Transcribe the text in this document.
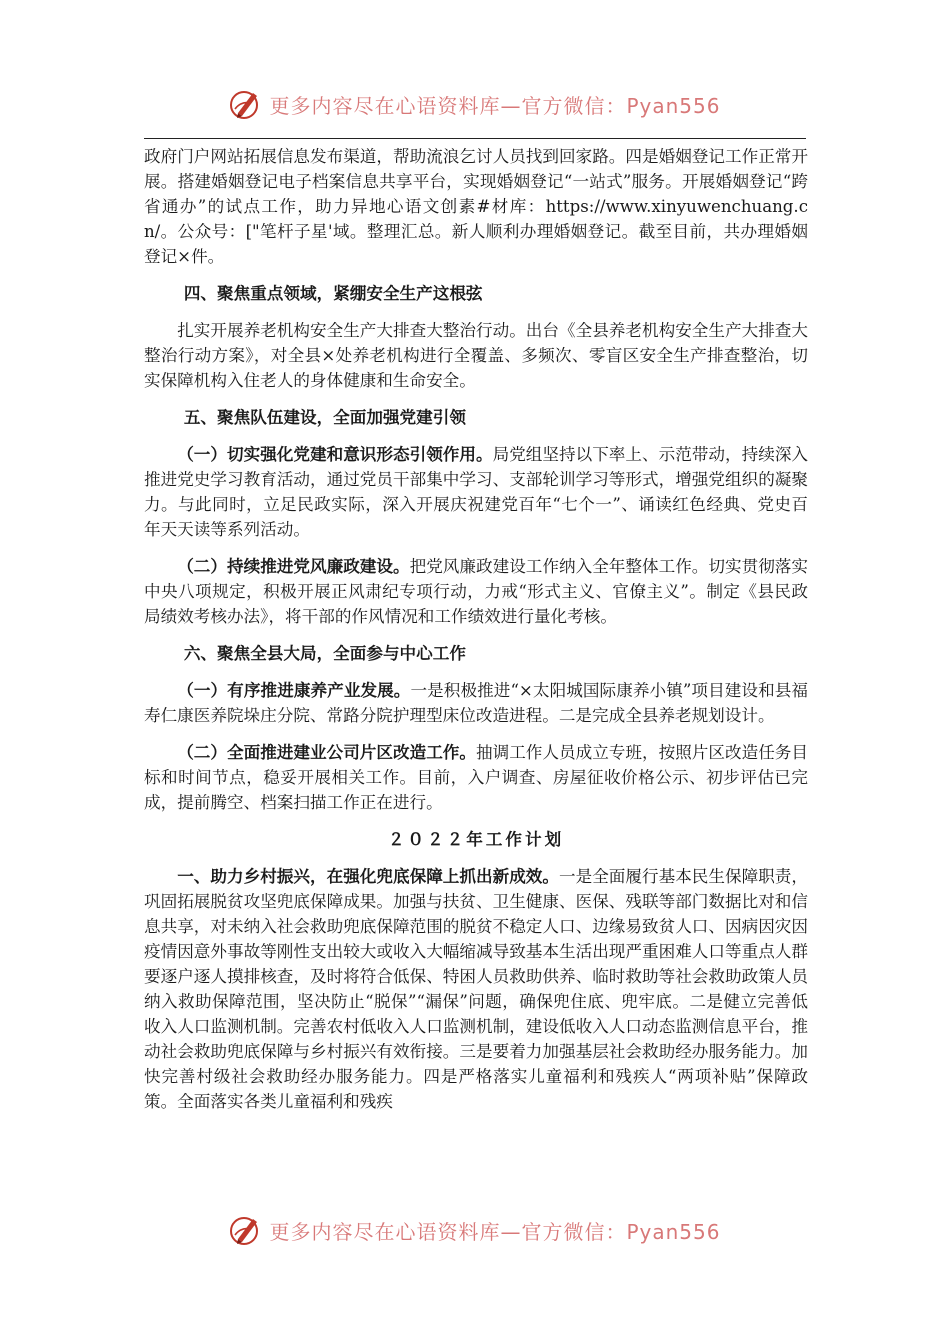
更多内容尽在心语资料库—官方微信：Pyan556

政府门户网站拓展信息发布渠道，帮助流浪乞讨人员找到回家路。四是婚姻登记工作正常开展。搭建婚姻登记电子档案信息共享平台，实现婚姻登记“一站式”服务。开展婚姻登记“跨省通办”的试点工作，助力异地心语文创素#材库：https://www.xinyuwenchuang.cn/。公众号：["笔杆子星'域。整理汇总。新人顺利办理婚姻登记。截至目前，共办理婚姻登记×件。

四、聚焦重点领域，紧绷安全生产这根弦

扎实开展养老机构安全生产大排查大整治行动。出台《全县养老机构安全生产大排查大整治行动方案》，对全县×处养老机构进行全覆盖、多频次、零盲区安全生产排查整治，切实保障机构入住老人的身体健康和生命安全。

五、聚焦队伍建设，全面加强党建引领

（一）切实强化党建和意识形态引领作用。局党组坚持以下率上、示范带动，持续深入推进党史学习教育活动，通过党员干部集中学习、支部轮训学习等形式，增强党组织的凝聚力。与此同时，立足民政实际，深入开展庆祝建党百年“七个一”、诵读红色经典、党史百年天天读等系列活动。

（二）持续推进党风廉政建设。把党风廉政建设工作纳入全年整体工作。切实贯彻落实中央八项规定，积极开展正风肃纪专项行动，力戒“形式主义、官僚主义”。制定《县民政局绩效考核办法》，将干部的作风情况和工作绩效进行量化考核。

六、聚焦全县大局，全面参与中心工作

（一）有序推进康养产业发展。一是积极推进“×太阳城国际康养小镇”项目建设和县福寿仁康医养院垛庄分院、常路分院护理型床位改造进程。二是完成全县养老规划设计。

（二）全面推进建业公司片区改造工作。抽调工作人员成立专班，按照片区改造任务目标和时间节点，稳妥开展相关工作。目前，入户调查、房屋征收价格公示、初步评估已完成，提前腾空、档案扫描工作正在进行。

２０２２年工作计划

一、助力乡村振兴，在强化兜底保障上抓出新成效。一是全面履行基本民生保障职责，巩固拓展脱贫攻坚兜底保障成果。加强与扶贫、卫生健康、医保、残联等部门数据比对和信息共享，对未纳入社会救助兜底保障范围的脱贫不稳定人口、边缘易致贫人口、因病因灾因疫情因意外事故等刚性支出较大或收入大幅缩减导致基本生活出现严重困难人口等重点人群要逐户逐人摸排核查，及时将符合低保、特困人员救助供养、临时救助等社会救助政策人员纳入救助保障范围，坚决防止“脱保”“漏保”问题，确保兜住底、兜牢底。二是健立完善低收入人口监测机制。完善农村低收入人口监测机制，建设低收入人口动态监测信息平台，推动社会救助兜底保障与乡村振兴有效衔接。三是要着力加强基层社会救助经办服务能力。加快完善村级社会救助经办服务能力。四是严格落实儿童福利和残疾人“两项补贴”保障政策。全面落实各类儿童福利和残疾

更多内容尽在心语资料库—官方微信：Pyan556
